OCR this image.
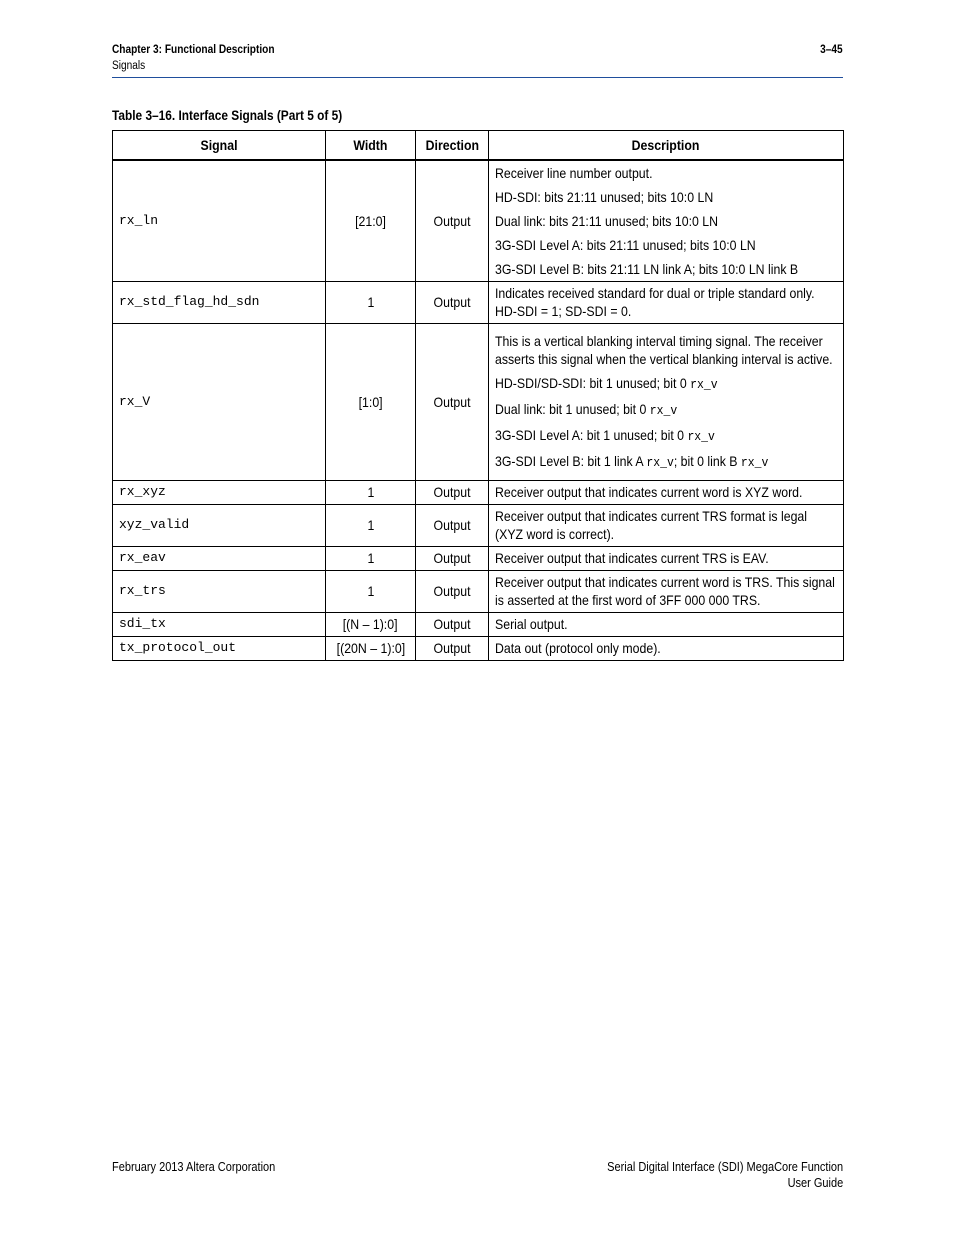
Chapter 3: Functional Description
Signals
3–45
Table 3–16. Interface Signals (Part 5 of 5)
Signal	Width	Direction	Description
rx_ln	[21:0]	Output	Receiver line number output.
HD-SDI: bits 21:11 unused; bits 10:0 LN
Dual link: bits 21:11 unused; bits 10:0 LN
3G-SDI Level A: bits 21:11 unused; bits 10:0 LN
3G-SDI Level B: bits 21:11 LN link A; bits 10:0 LN link B

rx_std_flag_hd_sdn	1	Output	Indicates received standard for dual or triple standard only. HD-SDI = 1; SD-SDI = 0.

rx_V	[1:0]	Output	This is a vertical blanking interval timing signal. The receiver asserts this signal when the vertical blanking interval is active.
HD-SDI/SD-SDI: bit 1 unused; bit 0 rx_v
Dual link: bit 1 unused; bit 0 rx_v
3G-SDI Level A: bit 1 unused; bit 0 rx_v
3G-SDI Level B: bit 1 link A rx_v; bit 0 link B rx_v

rx_xyz	1	Output	Receiver output that indicates current word is XYZ word.

xyz_valid	1	Output	Receiver output that indicates current TRS format is legal (XYZ word is correct).

rx_eav	1	Output	Receiver output that indicates current TRS is EAV.

rx_trs	1	Output	Receiver output that indicates current word is TRS. This signal is asserted at the first word of 3FF 000 000 TRS.

sdi_tx	[(N – 1):0]	Output	Serial output.

tx_protocol_out	[(20N – 1):0]	Output	Data out (protocol only mode).
February 2013 Altera Corporation	Serial Digital Interface (SDI) MegaCore Function
User Guide
